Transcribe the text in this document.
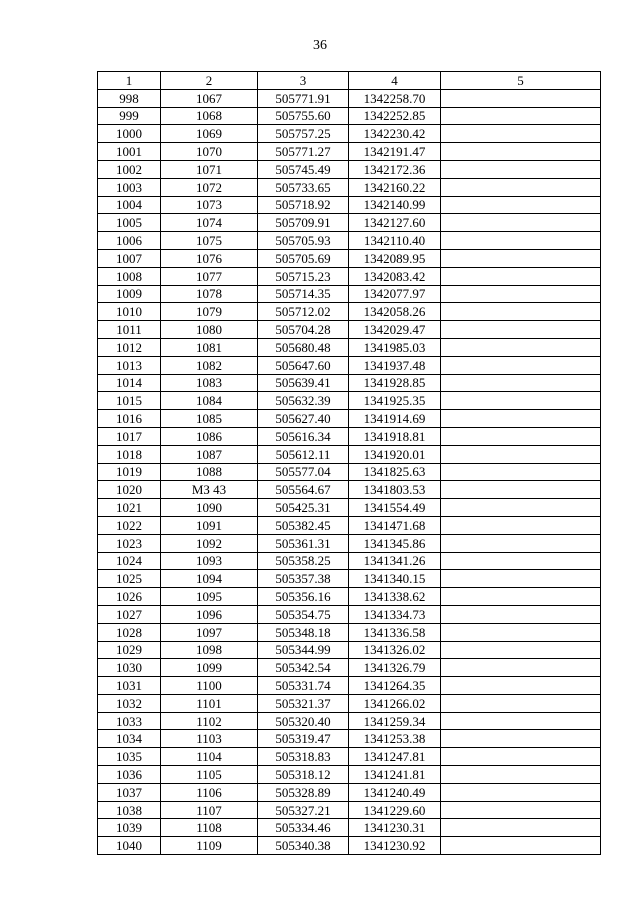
36
1	2	3	4	5
998	1067	505771.91	1342258.70	
999	1068	505755.60	1342252.85	
1000	1069	505757.25	1342230.42	
1001	1070	505771.27	1342191.47	
1002	1071	505745.49	1342172.36	
1003	1072	505733.65	1342160.22	
1004	1073	505718.92	1342140.99	
1005	1074	505709.91	1342127.60	
1006	1075	505705.93	1342110.40	
1007	1076	505705.69	1342089.95	
1008	1077	505715.23	1342083.42	
1009	1078	505714.35	1342077.97	
1010	1079	505712.02	1342058.26	
1011	1080	505704.28	1342029.47	
1012	1081	505680.48	1341985.03	
1013	1082	505647.60	1341937.48	
1014	1083	505639.41	1341928.85	
1015	1084	505632.39	1341925.35	
1016	1085	505627.40	1341914.69	
1017	1086	505616.34	1341918.81	
1018	1087	505612.11	1341920.01	
1019	1088	505577.04	1341825.63	
1020	МЗ 43	505564.67	1341803.53	
1021	1090	505425.31	1341554.49	
1022	1091	505382.45	1341471.68	
1023	1092	505361.31	1341345.86	
1024	1093	505358.25	1341341.26	
1025	1094	505357.38	1341340.15	
1026	1095	505356.16	1341338.62	
1027	1096	505354.75	1341334.73	
1028	1097	505348.18	1341336.58	
1029	1098	505344.99	1341326.02	
1030	1099	505342.54	1341326.79	
1031	1100	505331.74	1341264.35	
1032	1101	505321.37	1341266.02	
1033	1102	505320.40	1341259.34	
1034	1103	505319.47	1341253.38	
1035	1104	505318.83	1341247.81	
1036	1105	505318.12	1341241.81	
1037	1106	505328.89	1341240.49	
1038	1107	505327.21	1341229.60	
1039	1108	505334.46	1341230.31	
1040	1109	505340.38	1341230.92	
